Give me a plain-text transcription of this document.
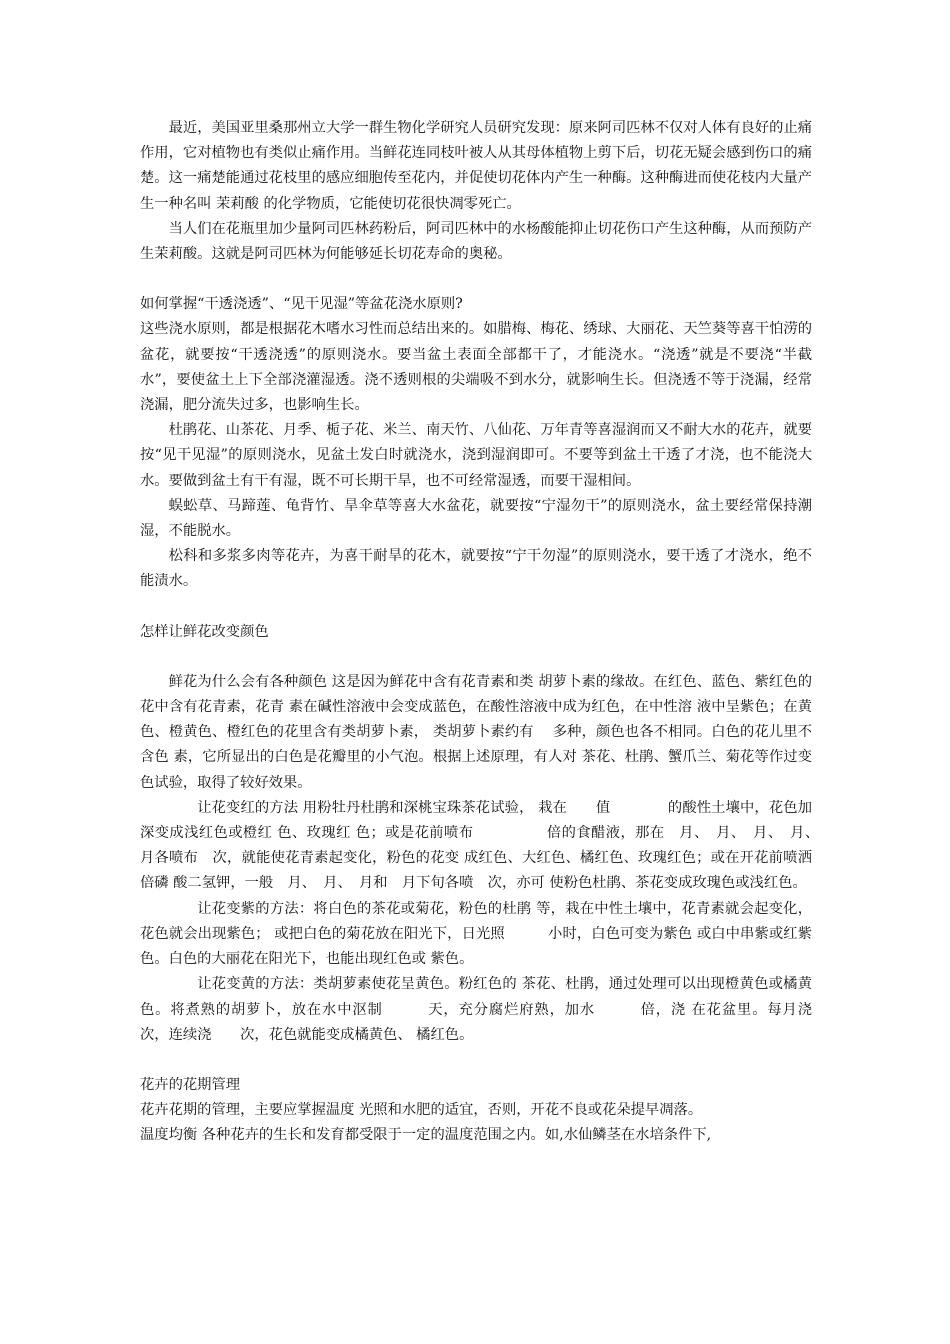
最近，美国亚里桑那州立大学一群生物化学研究人员研究发现：原来阿司匹林不仅对人体有良好的止痛作用，它对植物也有类似止痛作用。当鲜花连同枝叶被人从其母体植物上剪下后，切花无疑会感到伤口的痛楚。这一痛楚能通过花枝里的感应细胞传至花内，并促使切花体内产生一种酶。这种酶进而使花枝内大量产生一种名叫 茉莉酸 的化学物质，它能使切花很快凋零死亡。

当人们在花瓶里加少量阿司匹林药粉后，阿司匹林中的水杨酸能抑止切花伤口产生这种酶，从而预防产生茉莉酸。这就是阿司匹林为何能够延长切花寿命的奥秘。

如何掌握“干透浇透”、“见干见湿”等盆花浇水原则?

这些浇水原则，都是根据花木嗜水习性而总结出来的。如腊梅、梅花、绣球、大丽花、天竺葵等喜干怕涝的盆花，就要按“干透浇透”的原则浇水。要当盆土表面全部都干了，才能浇水。“浇透”就是不要浇“半截水”，要使盆土上下全部浇灌湿透。浇不透则根的尖端吸不到水分，就影响生长。但浇透不等于浇漏，经常浇漏，肥分流失过多，也影响生长。

杜鹃花、山茶花、月季、栀子花、米兰、南天竹、八仙花、万年青等喜湿润而又不耐大水的花卉，就要按“见干见湿”的原则浇水，见盆土发白时就浇水，浇到湿润即可。不要等到盆土干透了才浇，也不能浇大水。要做到盆土有干有湿，既不可长期干旱，也不可经常湿透，而要干湿相间。

蜈蚣草、马蹄莲、龟背竹、旱伞草等喜大水盆花，就要按“宁湿勿干”的原则浇水，盆土要经常保持潮湿，不能脱水。

松科和多浆多肉等花卉，为喜干耐旱的花木，就要按“宁干勿湿”的原则浇水，要干透了才浇水，绝不能渍水。

怎样让鲜花改变颜色

鲜花为什么会有各种颜色 这是因为鲜花中含有花青素和类 胡萝卜素的缘故。在红色、蓝色、紫红色的花中含有花青素，花青 素在碱性溶液中会变成蓝色，在酸性溶液中成为红色，在中性溶 液中呈紫色；在黄色、橙黄色、橙红色的花里含有类胡萝卜素， 类胡萝卜素约有　 多种，颜色也各不相同。白色的花儿里不含色 素，它所显出的白色是花瓣里的小气泡。根据上述原理，有人对 茶花、杜鹃、蟹爪兰、菊花等作过变色试验，取得了较好效果。

让花变红的方法 用粉牡丹杜鹃和深桃宝珠茶花试验， 栽在　　值　　　　的酸性土壤中，花色加深变成浅红色或橙红 色、玫瑰红 色；或是花前喷布　　　　　倍的食醋液，那在　月、　月、　月、　月、　月各喷布　次，就能使花青素起变化，粉色的花变 成红色、大红色、橘红色、玫瑰红色；或在开花前喷洒　　倍磷 酸二氢钾，一般　月、　月、　月和　月下旬各喷　次，亦可 使粉色杜鹃、茶花变成玫瑰色或浅红色。

让花变紫的方法：将白色的茶花或菊花，粉色的杜鹃 等，栽在中性土壤中，花青素就会起变化，花色就会出现紫色； 或把白色的菊花放在阳光下，日光照　　　小时，白色可变为紫色 或白中串紫或红紫色。白色的大丽花在阳光下，也能出现红色或 紫色。

让花变黄的方法：类胡萝素使花呈黄色。粉红色的 茶花、杜鹃，通过处理可以出现橙黄色或橘黄色。将煮熟的胡萝卜，放在水中沤制　　　天，充分腐烂府熟，加水　　　倍，浇 在花盆里。每月浇　次，连续浇　　次，花色就能变成橘黄色、 橘红色。

花卉的花期管理

花卉花期的管理，主要应掌握温度 光照和水肥的适宜，否则，开花不良或花朵提早凋落。

温度均衡 各种花卉的生长和发育都受限于一定的温度范围之内。如,水仙鳞茎在水培条件下,
